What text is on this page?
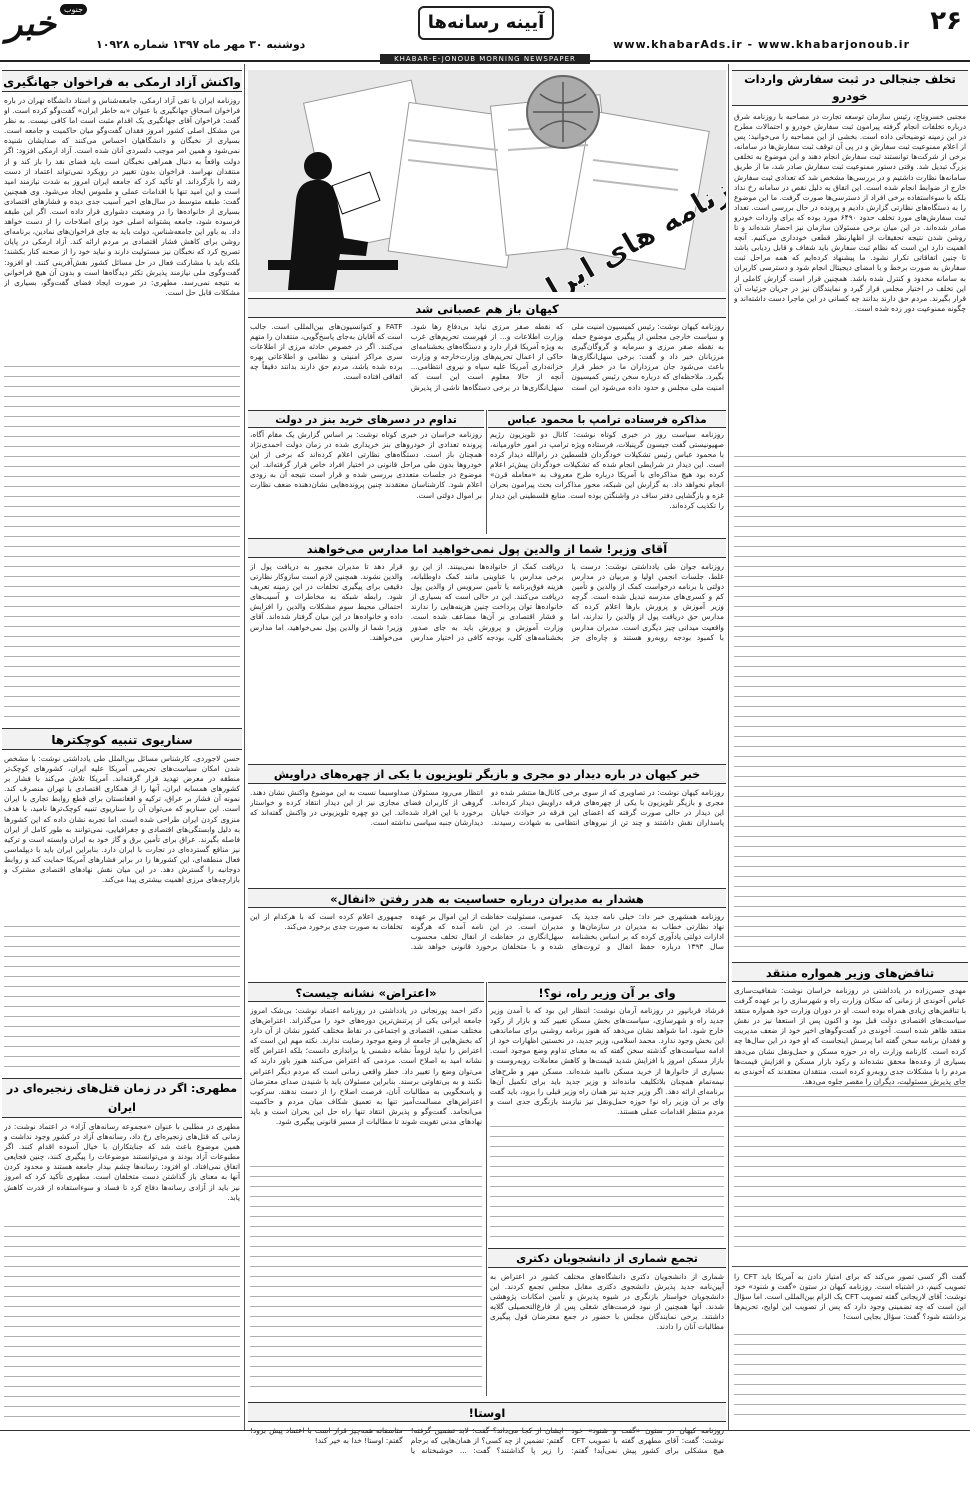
۲۶
www.khabarAds.ir - www.khabarjonoub.ir
آیینه رسانه‌ها
خبر جنوب
دوشنبه ۳۰ مهر ماه ۱۳۹۷ شماره ۱۰۹۲۸
KHABAR-E-JONOUB MORNING NEWSPAPER
تخلف جنجالی در ثبت سفارش واردات خودرو
مجتبی خسروتاج، رئیس سازمان توسعه تجارت در مصاحبه با روزنامه شرق درباره تخلفات انجام گرفته پیرامون ثبت سفارش خودرو و احتمالات مطرح در این زمینه توضیحاتی داده است. بخشی از این مصاحبه را می‌خوانید: پس از اعلام ممنوعیت ثبت سفارش و در پی آن توقف ثبت سفارش‌ها در سامانه، برخی از شرکت‌ها توانستند ثبت سفارش انجام دهند و این موضوع به تخلفی بزرگ تبدیل شد. وقتی دستور ممنوعیت ثبت سفارش صادر شد، ما از طریق سامانه‌ها نظارت داشتیم و در بررسی‌ها مشخص شد که تعدادی ثبت سفارش خارج از ضوابط انجام شده است. این اتفاق به دلیل نقص در سامانه رخ نداد بلکه با سوءاستفاده برخی افراد از دسترسی‌ها صورت گرفت. ما این موضوع را به دستگاه‌های نظارتی گزارش دادیم و پرونده در حال بررسی است. تعداد ثبت سفارش‌های مورد تخلف حدود ۶۴۹۰ مورد بوده که برای واردات خودرو صادر شده‌اند. در این میان برخی مسئولان سازمان نیز احضار شده‌اند و تا روشن شدن نتیجه تحقیقات از اظهارنظر قطعی خودداری می‌کنیم. آنچه اهمیت دارد این است که نظام ثبت سفارش باید شفاف و قابل ردیابی باشد تا چنین اتفاقاتی تکرار نشود. ما پیشنهاد کرده‌ایم که همه مراحل ثبت سفارش به صورت برخط و با امضای دیجیتال انجام شود و دسترسی کاربران به سامانه محدود و کنترل شده باشد. همچنین قرار است گزارش کاملی از این تخلف در اختیار مجلس قرار گیرد و نمایندگان نیز در جریان جزئیات آن قرار بگیرند. مردم حق دارند بدانند چه کسانی در این ماجرا دست داشته‌اند و چگونه ممنوعیت دور زده شده است.
تناقض‌های وزیر همواره منتقد
مهدی حسن‌زاده در یادداشتی در روزنامه خراسان نوشت: شفافیت‌سازی عباس آخوندی از زمانی که سکان وزارت راه و شهرسازی را بر عهده گرفت با تناقض‌های زیادی همراه بوده است. او در دوران وزارت خود همواره منتقد سیاست‌های اقتصادی دولت قبل بود و اکنون پس از استعفا نیز در نقش منتقد ظاهر شده است. آخوندی در گفت‌وگوهای اخیر خود از ضعف مدیریت و فقدان برنامه سخن گفته اما پرسش اینجاست که او خود در این سال‌ها چه کرده است. کارنامه وزارت راه در حوزه مسکن و حمل‌ونقل نشان می‌دهد بسیاری از وعده‌ها محقق نشده‌اند و رکود بازار مسکن و افزایش قیمت‌ها مردم را با مشکلات جدی روبه‌رو کرده است. منتقدان معتقدند که آخوندی به جای پذیرش مسئولیت، دیگران را مقصر جلوه می‌دهد.
گفت اگر کسی تصور می‌کند که برای امتیاز دادن به آمریکا باید CFT را تصویب کنیم، در اشتباه است. روزنامه کیهان در ستون «گفت و شنود» خود نوشت: آقای لاریجانی گفته تصویب CFT یک الزام بین‌المللی است. اما سؤال این است که چه تضمینی وجود دارد که پس از تصویب این لوایح، تحریم‌ها برداشته شود؟ گفت: سؤال بجایی است!
روزنامه های ایران
کیهان باز هم عصبانی شد
روزنامه کیهان نوشت: رئیس کمیسیون امنیت ملی و سیاست خارجی مجلس از پیگیری موضوع حمله به نقطه صفر مرزی و سرمایه و گروگان‌گیری مرزبانان خبر داد و گفت: برخی سهل‌انگاری‌ها باعث می‌شود جان مرزداران ما در خطر قرار بگیرد. ملاحظه‌ای که درباره سخن رئیس کمیسیون امنیت ملی مجلس و حدود داده می‌شود این است که نقطه صفر مرزی نباید بی‌دفاع رها شود. وزارت اطلاعات و... از فهرست تحریم‌های غرب به ویژه آمریکا قرار دارد و دستگاه‌های بخشنامه‌ای حاکی از اعمال تحریم‌های وزارت‌خارجه و وزارت خزانه‌داری آمریکا علیه سپاه و نیروی انتظامی... آنچه از حالا معلوم است این است که سهل‌انگاری‌ها در برخی دستگاه‌ها ناشی از پذیرش FATF و کنوانسیون‌های بین‌المللی است. جالب است که آقایان به‌جای پاسخ‌گویی، منتقدان را متهم می‌کنند. اگر در خصوص حادثه مرزی از اطلاعات سری مراکز امنیتی و نظامی و اطلاعاتی بهره برده شده باشد، مردم حق دارند بدانند دقیقاً چه اتفاقی افتاده است.
مذاکره فرستاده ترامپ با محمود عباس
روزنامه سیاست روز در خبری کوتاه نوشت: کانال دو تلویزیون رژیم صهیونیستی گفت جیسون گرینبلات، فرستاده ویژه ترامپ در امور خاورمیانه، با محمود عباس رئیس تشکیلات خودگردان فلسطین در رام‌الله دیدار کرده است. این دیدار در شرایطی انجام شده که تشکیلات خودگردان پیش‌تر اعلام کرده بود هیچ مذاکره‌ای با آمریکا درباره طرح معروف به «معامله قرن» انجام نخواهد داد. به گزارش این شبکه، محور مذاکرات بحث پیرامون بحران غزه و بازگشایی دفتر ساف در واشنگتن بوده است. منابع فلسطینی این دیدار را تکذیب کرده‌اند.
تداوم در دسرهای خرید بنز در دولت
روزنامه خراسان در خبری کوتاه نوشت: بر اساس گزارش یک مقام آگاه، پرونده تعدادی از خودروهای بنز خریداری شده در زمان دولت احمدی‌نژاد همچنان باز است. دستگاه‌های نظارتی اعلام کرده‌اند که برخی از این خودروها بدون طی مراحل قانونی در اختیار افراد خاص قرار گرفته‌اند. این موضوع در جلسات متعددی بررسی شده و قرار است نتیجه آن به زودی اعلام شود. کارشناسان معتقدند چنین پرونده‌هایی نشان‌دهنده ضعف نظارت بر اموال دولتی است.
آقای وزیر! شما از والدین پول نمی‌خواهید اما مدارس می‌خواهند
روزنامه جوان طی یادداشتی نوشت: درست یا غلط، جلسات انجمن اولیا و مربیان در مدارس دولتی با برنامه درخواست کمک از والدین و تأمین کم و کسری‌های مدرسه تبدیل شده است. گرچه وزیر آموزش و پرورش بارها اعلام کرده که مدارس حق دریافت پول از والدین را ندارند، اما واقعیت میدانی چیز دیگری است. مدیران مدارس با کمبود بودجه روبه‌رو هستند و چاره‌ای جز دریافت کمک از خانواده‌ها نمی‌بینند. از این رو برخی مدارس با عناوینی مانند کمک داوطلبانه، هزینه فوق‌برنامه یا تأمین سرویس از والدین پول دریافت می‌کنند. این در حالی است که بسیاری از خانواده‌ها توان پرداخت چنین هزینه‌هایی را ندارند و فشار اقتصادی بر آن‌ها مضاعف شده است. وزارت آموزش و پرورش باید به جای صدور بخشنامه‌های کلی، بودجه کافی در اختیار مدارس قرار دهد تا مدیران مجبور به دریافت پول از والدین نشوند. همچنین لازم است سازوکار نظارتی دقیقی برای پیگیری تخلفات در این زمینه تعریف شود. رابطه شبکه به مخاطرات و آسیب‌های احتمالی محیط سوم مشکلات والدین را افزایش داده و خانواده‌ها در این میان گرفتار شده‌اند. آقای وزیر! شما از والدین پول نمی‌خواهید، اما مدارس می‌خواهند.
خبر کیهان در باره دیدار دو مجری و بازیگر تلویزیون با یکی از چهره‌های دراویش
روزنامه کیهان نوشت: در تصاویری که از سوی برخی کانال‌ها منتشر شده دو مجری و بازیگر تلویزیون با یکی از چهره‌های فرقه دراویش دیدار کرده‌اند. این دیدار در حالی صورت گرفته که اعضای این فرقه در حوادث خیابان پاسداران نقش داشتند و چند تن از نیروهای انتظامی به شهادت رسیدند. انتظار می‌رود مسئولان صداوسیما نسبت به این موضوع واکنش نشان دهند. گروهی از کاربران فضای مجازی نیز از این دیدار انتقاد کرده و خواستار برخورد با این افراد شده‌اند. این دو چهره تلویزیونی در واکنش گفته‌اند که دیدارشان جنبه سیاسی نداشته است.
هشدار به مدیران درباره حساسیت به هدر رفتن «انفال»
روزنامه همشهری خبر داد: خیلی نامه جدید یک نهاد نظارتی خطاب به مدیران در سازمان‌ها و ادارات دولتی یادآوری کرده که بر اساس بخشنامه سال ۱۳۹۳ درباره حفظ انفال و ثروت‌های عمومی، مسئولیت حفاظت از این اموال بر عهده مدیران است. در این نامه آمده که هرگونه سهل‌انگاری در حفاظت از انفال تخلف محسوب شده و با متخلفان برخورد قانونی خواهد شد. جمهوری اعلام کرده است که با هرکدام از این تخلفات به صورت جدی برخورد می‌کند.
وای بر آن وزیر راه، نو؟!
فرشاد قربانپور در روزنامه آرمان نوشت: انتظار این بود که با آمدن وزیر جدید راه و شهرسازی، سیاست‌های بخش مسکن تغییر کند و بازار از رکود خارج شود. اما شواهد نشان می‌دهد که هنوز برنامه روشنی برای ساماندهی این بخش وجود ندارد. محمد اسلامی، وزیر جدید، در نخستین اظهارات خود از ادامه سیاست‌های گذشته سخن گفته که به معنای تداوم وضع موجود است. بازار مسکن امروز با افزایش شدید قیمت‌ها و کاهش معاملات روبه‌روست و بسیاری از خانوارها از خرید مسکن ناامید شده‌اند. مسکن مهر و طرح‌های نیمه‌تمام همچنان بلاتکلیف مانده‌اند و وزیر جدید باید برای تکمیل آن‌ها برنامه‌ای ارائه دهد. اگر وزیر جدید نیز همان راه وزیر قبلی را برود، باید گفت وای بر آن وزیر راه نو! حوزه حمل‌ونقل نیز نیازمند بازنگری جدی است و مردم منتظر اقدامات عملی هستند.
«اعتراض» نشانه چیست؟
دکتر احمد پورنجاتی در یادداشتی در روزنامه اعتماد نوشت: بی‌شک امروز جامعه ایرانی یکی از پرتنش‌ترین دوره‌های خود را می‌گذراند. اعتراض‌های مختلف صنفی، اقتصادی و اجتماعی در نقاط مختلف کشور نشان از آن دارد که بخش‌هایی از جامعه از وضع موجود رضایت ندارند. نکته مهم این است که اعتراض را نباید لزوماً نشانه دشمنی یا براندازی دانست؛ بلکه اعتراض گاه نشانه امید به اصلاح است. مردمی که اعتراض می‌کنند هنوز باور دارند که می‌توان وضع را تغییر داد. خطر واقعی زمانی است که مردم دیگر اعتراض نکنند و به بی‌تفاوتی برسند. بنابراین مسئولان باید با شنیدن صدای معترضان و پاسخگویی به مطالبات آنان، فرصت اصلاح را از دست ندهند. سرکوب اعتراض‌های مسالمت‌آمیز تنها به تعمیق شکاف میان مردم و حاکمیت می‌انجامد. گفت‌وگو و پذیرش انتقاد تنها راه حل این بحران است و باید نهادهای مدنی تقویت شوند تا مطالبات از مسیر قانونی پیگیری شود.
تجمع شماری از دانشجویان دکتری
شماری از دانشجویان دکتری دانشگاه‌های مختلف کشور در اعتراض به آیین‌نامه جدید پذیرش دانشجوی دکتری مقابل مجلس تجمع کردند. این دانشجویان خواستار بازنگری در شیوه پذیرش و تأمین امکانات پژوهشی شدند. آنها همچنین از نبود فرصت‌های شغلی پس از فارغ‌التحصیلی گلایه داشتند. برخی نمایندگان مجلس با حضور در جمع معترضان قول پیگیری مطالبات آنان را دادند.
اوستا!
روزنامه کیهان در ستون «گفت و شنود» خود نوشت: گفت: آقای مطهری گفته با تصویب CFT هیچ مشکلی برای کشور پیش نمی‌آید! گفتم: ایشان از کجا می‌داند؟ گفت: لابد تضمین گرفته! گفتم: تضمین از چه کسی؟ از همان‌هایی که برجام را زیر پا گذاشتند؟ گفت: ... خوشبختانه یا متاسفانه همه‌چیز قرار است با اعتماد پیش برود! گفتم: اوستا! خدا به خیر کند!
واکنش آزاد ارمکی به فراخوان جهانگیری
روزنامه ایران با تقی آزاد ارمکی، جامعه‌شناس و استاد دانشگاه تهران در باره فراخوان اسحاق جهانگیری با عنوان «به خاطر ایران» گفت‌وگو کرده است. او گفت: فراخوان آقای جهانگیری یک اقدام مثبت است اما کافی نیست. به نظر من مشکل اصلی کشور امروز فقدان گفت‌وگو میان حاکمیت و جامعه است. بسیاری از نخبگان و دانشگاهیان احساس می‌کنند که صدایشان شنیده نمی‌شود و همین امر موجب دلسردی آنان شده است. آزاد ارمکی افزود: اگر دولت واقعاً به دنبال همراهی نخبگان است باید فضای نقد را باز کند و از منتقدان نهراسد. فراخوان بدون تغییر در رویکرد نمی‌تواند اعتماد از دست رفته را بازگرداند. او تأکید کرد که جامعه ایران امروز به شدت نیازمند امید است و این امید تنها با اقدامات عملی و ملموس ایجاد می‌شود. وی همچنین گفت: طبقه متوسط در سال‌های اخیر آسیب جدی دیده و فشارهای اقتصادی بسیاری از خانواده‌ها را در وضعیت دشواری قرار داده است. اگر این طبقه فرسوده شود، جامعه پشتوانه اصلی خود برای اصلاحات را از دست خواهد داد. به باور این جامعه‌شناس، دولت باید به جای فراخوان‌های نمادین، برنامه‌ای روشن برای کاهش فشار اقتصادی بر مردم ارائه کند. آزاد ارمکی در پایان تصریح کرد که نخبگان نیز مسئولیت دارند و نباید خود را از صحنه کنار بکشند؛ بلکه باید با مشارکت فعال در حل مسائل کشور نقش‌آفرینی کنند. او افزود: گفت‌وگوی ملی نیازمند پذیرش تکثر دیدگاه‌ها است و بدون آن هیچ فراخوانی به نتیجه نمی‌رسد. مطهری: در صورت ایجاد فضای گفت‌وگو، بسیاری از مشکلات قابل حل است.
سناریوی تنبیه کوچکترها
حسن لاجوردی، کارشناس مسائل بین‌الملل طی یادداشتی نوشت: با مشخص شدن امکان سیاست‌های تحریمی آمریکا علیه ایران، کشورهای کوچک‌تر منطقه در معرض تهدید قرار گرفته‌اند. آمریکا تلاش می‌کند با فشار بر کشورهای همسایه ایران، آنها را از همکاری اقتصادی با تهران منصرف کند. نمونه آن فشار بر عراق، ترکیه و افغانستان برای قطع روابط تجاری با ایران است. این سناریو که می‌توان آن را سناریوی تنبیه کوچک‌ترها نامید، با هدف منزوی کردن ایران طراحی شده است. اما تجربه نشان داده که این کشورها به دلیل وابستگی‌های اقتصادی و جغرافیایی، نمی‌توانند به طور کامل از ایران فاصله بگیرند. عراق برای تأمین برق و گاز خود به ایران وابسته است و ترکیه نیز منافع گسترده‌ای در تجارت با ایران دارد. بنابراین ایران باید با دیپلماسی فعال منطقه‌ای، این کشورها را در برابر فشارهای آمریکا حمایت کند و روابط دوجانبه را گسترش دهد. در این میان نقش نهادهای اقتصادی مشترک و بازارچه‌های مرزی اهمیت بیشتری پیدا می‌کند.
مطهری: اگر در زمان قتل‌های زنجیره‌ای در ایران
مطهری در مطلبی با عنوان «مجموعه رسانه‌های آزاد» در اعتماد نوشت: در زمانی که قتل‌های زنجیره‌ای رخ داد، رسانه‌های آزاد در کشور وجود نداشت و همین موضوع باعث شد که جنایتکاران با خیال آسوده اقدام کنند. اگر مطبوعات آزاد بودند و می‌توانستند موضوعات را پیگیری کنند، چنین فجایعی اتفاق نمی‌افتاد. او افزود: رسانه‌ها چشم بیدار جامعه هستند و محدود کردن آنها به معنای باز گذاشتن دست متخلفان است. مطهری تأکید کرد که امروز نیز باید از آزادی رسانه‌ها دفاع کرد تا فساد و سوءاستفاده از قدرت کاهش یابد.
